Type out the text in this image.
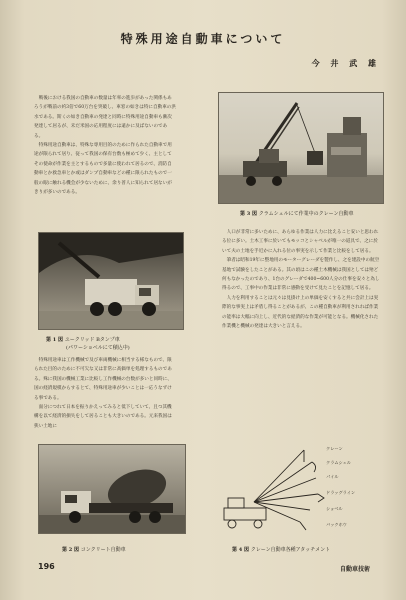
特殊用途自動車について
今 井 武 雄

戦後における我国の自動車の数量は年率の進歩があった関係もあろうが戦前の約3倍で60万台を突破し、車窓の如きは特に自動車の洪水である。斯くの如き自動車の発達と同時に特殊用途自動車も漸次発達して居るが、未だ米国の応用程度には遠かに及ばないのである。

特殊用途自動車は、特殊な専用目的のために作られた自動車で用途が限られて居り、従って我国の保有台数も極めて少く、主としてその使命が作業を主とするもので多量に使われて居るので、消防自動車とか救急車とか或はダンプ自動車などの種に限られたもので一般の眼に触れる機会が少ないために、余り普人に知られて居ないがきりが多いのである。

第 3 図 クラムシェルにて作業中のクレーン自動車
第 1 図 ユークリッド Bタンプ車
(パワーショベルにて積込中)

特殊用途車は工作機械で及び車両機械に相当する様なもので、限られた目的のために不可欠な又は非常に高価単を処理するものである。殊に我国の機械工業に比較し工作機械の台数が多いと同時に、国の経済規模からするとて、特殊用途車が少いことは一応うなずける事である。

面分につれて日本を振りかえってみると低下していて、且つ其機構を以て経済的損失をして居ることも大きいのである。元来我国は狭い土地に

人口が非常に多いために、あらゆる作業は人力に比えること安いと思われる位に多い。土木工事に於いてもモッコとシャベルが唯一の道具で、之に於いて夫の土地を手近かに入れる位の事実を示して作業と比較をして居る。

筆者は昭和19年に整地用のモーターグレーダを製作し、之を建設中の航空基地で試験をしたことがある。其の頃はこの種土木機械は我国としては殆ど何もなかったのであり、1台のグレーダで400~600人分の仕事を安々と為し得るので、工事中の作業は非常に感動を受けて見たことを記憶して居る。

人力を利用することは元々は見掛け上の単価を安くすると共に会計上は実際的な事実上は矛盾し得ることがあるが、この種自動車が利用されれば作業の能率は大幅に向上し、近代的な経済的な作業が可能となる。機械化された作業機と機械の発達は大きいと言える。

第 2 図 コンクリート自動車
クレーン
クラムシェル
パイル
ドラッグライン
ショベル
バックホウ
第 4 図 クレーン自動車各種アタッチメント
196	自動車技術
